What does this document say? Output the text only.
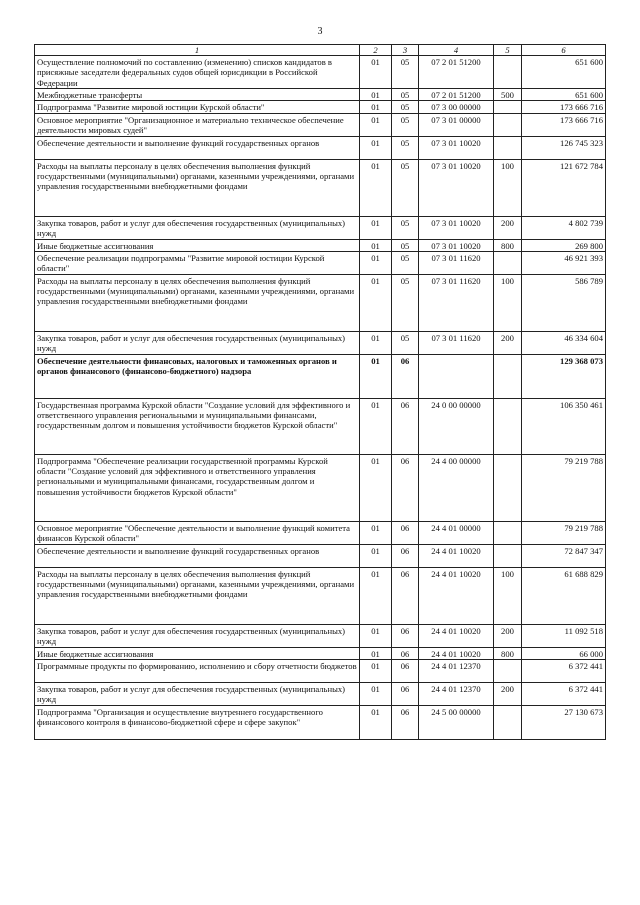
3
1	2	3	4	5	6
Осуществление полномочий по составлению (изменению) списков кандидатов в присяжные заседатели федеральных судов общей юрисдикции в Российской Федерации	01	05	07 2 01 51200		651 600
Межбюджетные трансферты	01	05	07 2 01 51200	500	651 600
Подпрограмма "Развитие мировой юстиции Курской области"	01	05	07 3 00 00000		173 666 716
Основное мероприятие "Организационное и материально техническое обеспечение деятельности мировых судей"	01	05	07 3 01 00000		173 666 716
Обеспечение деятельности и выполнение функций государственных органов	01	05	07 3 01 10020		126 745 323
Расходы на выплаты персоналу в целях обеспечения выполнения функций государственными (муниципальными) органами, казенными учреждениями, органами управления государственными внебюджетными фондами	01	05	07 3 01 10020	100	121 672 784
Закупка товаров, работ и услуг для обеспечения государственных (муниципальных) нужд	01	05	07 3 01 10020	200	4 802 739
Иные бюджетные ассигнования	01	05	07 3 01 10020	800	269 800
Обеспечение реализации подпрограммы "Развитие мировой юстиции Курской области"	01	05	07 3 01 11620		46 921 393
Расходы на выплаты персоналу в целях обеспечения выполнения функций государственными (муниципальными) органами, казенными учреждениями, органами управления государственными внебюджетными фондами	01	05	07 3 01 11620	100	586 789
Закупка товаров, работ и услуг для обеспечения государственных (муниципальных) нужд	01	05	07 3 01 11620	200	46 334 604
Обеспечение деятельности финансовых, налоговых и таможенных органов и органов финансового (финансово-бюджетного) надзора	01	06			129 368 073
Государственная программа Курской области "Создание условий для эффективного и ответственного управления региональными и муниципальными финансами, государственным долгом и повышения устойчивости бюджетов Курской области"	01	06	24 0 00 00000		106 350 461
Подпрограмма "Обеспечение реализации государственной программы Курской области "Создание условий для эффективного и ответственного управления региональными и муниципальными финансами, государственным долгом и повышения устойчивости бюджетов Курской области"	01	06	24 4 00 00000		79 219 788
Основное мероприятие "Обеспечение деятельности и выполнение функций комитета финансов Курской области"	01	06	24 4 01 00000		79 219 788
Обеспечение деятельности и выполнение функций государственных органов	01	06	24 4 01 10020		72 847 347
Расходы на выплаты персоналу в целях обеспечения выполнения функций государственными (муниципальными) органами, казенными учреждениями, органами управления государственными внебюджетными фондами	01	06	24 4 01 10020	100	61 688 829
Закупка товаров, работ и услуг для обеспечения государственных (муниципальных) нужд	01	06	24 4 01 10020	200	11 092 518
Иные бюджетные ассигнования	01	06	24 4 01 10020	800	66 000
Программные продукты по формированию, исполнению и сбору отчетности бюджетов	01	06	24 4 01 12370		6 372 441
Закупка товаров, работ и услуг для обеспечения государственных (муниципальных) нужд	01	06	24 4 01 12370	200	6 372 441
Подпрограмма "Организация и осуществление внутреннего государственного финансового контроля в финансово-бюджетной сфере и сфере закупок"	01	06	24 5 00 00000		27 130 673
